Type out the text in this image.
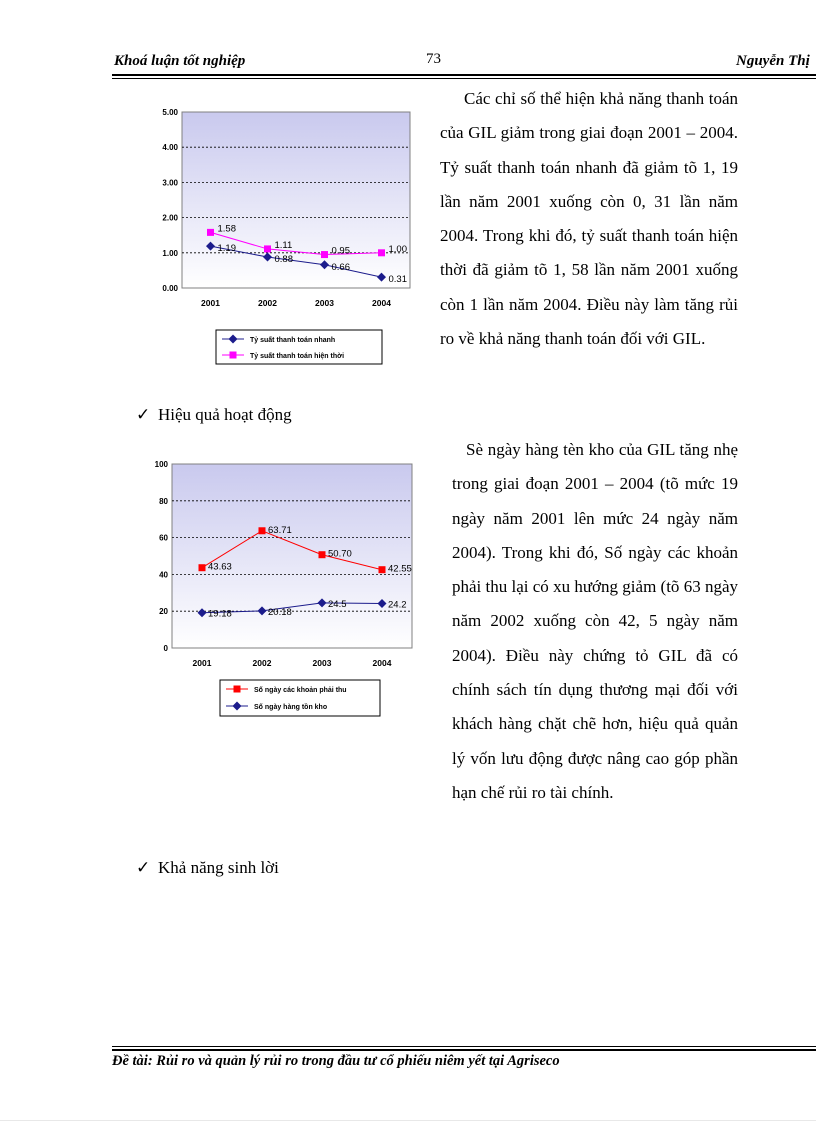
Khoá luận tốt nghiệp	73	Nguyễn Thị
0.00
1.00
2.00
3.00
4.00
5.00
2001	2002	2003	2004
1.19
0.88
0.66
0.31
1.58
1.11
0.95	1.00
Tỷ suất thanh toán nhanh
Tỷ suất thanh toán hiện thời

Các chỉ số thể hiện khả năng thanh toán của GIL giảm trong giai đoạn 2001 – 2004. Tỷ suất thanh toán nhanh đã giảm tõ 1, 19 lần năm 2001 xuống còn 0, 31 lần năm 2004. Trong khi đó, tỷ suất thanh toán hiện thời đã giảm tõ 1, 58 lần năm 2001 xuống còn 1 lần năm 2004. Điều này làm tăng rủi ro về khả năng thanh toán đối với GIL.

✓ Hiệu quả hoạt động
0
20
40
60
80
100
2001	2002	2003	2004
43.63
63.71
50.70
42.55
19.18	20.18
24.5	24.2
Số ngày các khoản phải thu
Số ngày hàng tồn kho

Sè ngày hàng tèn kho của GIL tăng nhẹ trong giai đoạn 2001 – 2004 (tõ mức 19 ngày năm 2001 lên mức 24 ngày năm 2004). Trong khi đó, Số ngày các khoản phải thu lại có xu hướng giảm (tõ 63 ngày năm 2002 xuống còn 42, 5 ngày năm 2004). Điều này chứng tỏ GIL đã có chính sách tín dụng thương mại đối với khách hàng chặt chẽ hơn, hiệu quả quản lý vốn lưu động được nâng cao góp phần hạn chế rủi ro tài chính.

✓ Khả năng sinh lời
Đề tài: Rủi ro và quản lý rủi ro trong đầu tư cổ phiếu niêm yết tại Agriseco
